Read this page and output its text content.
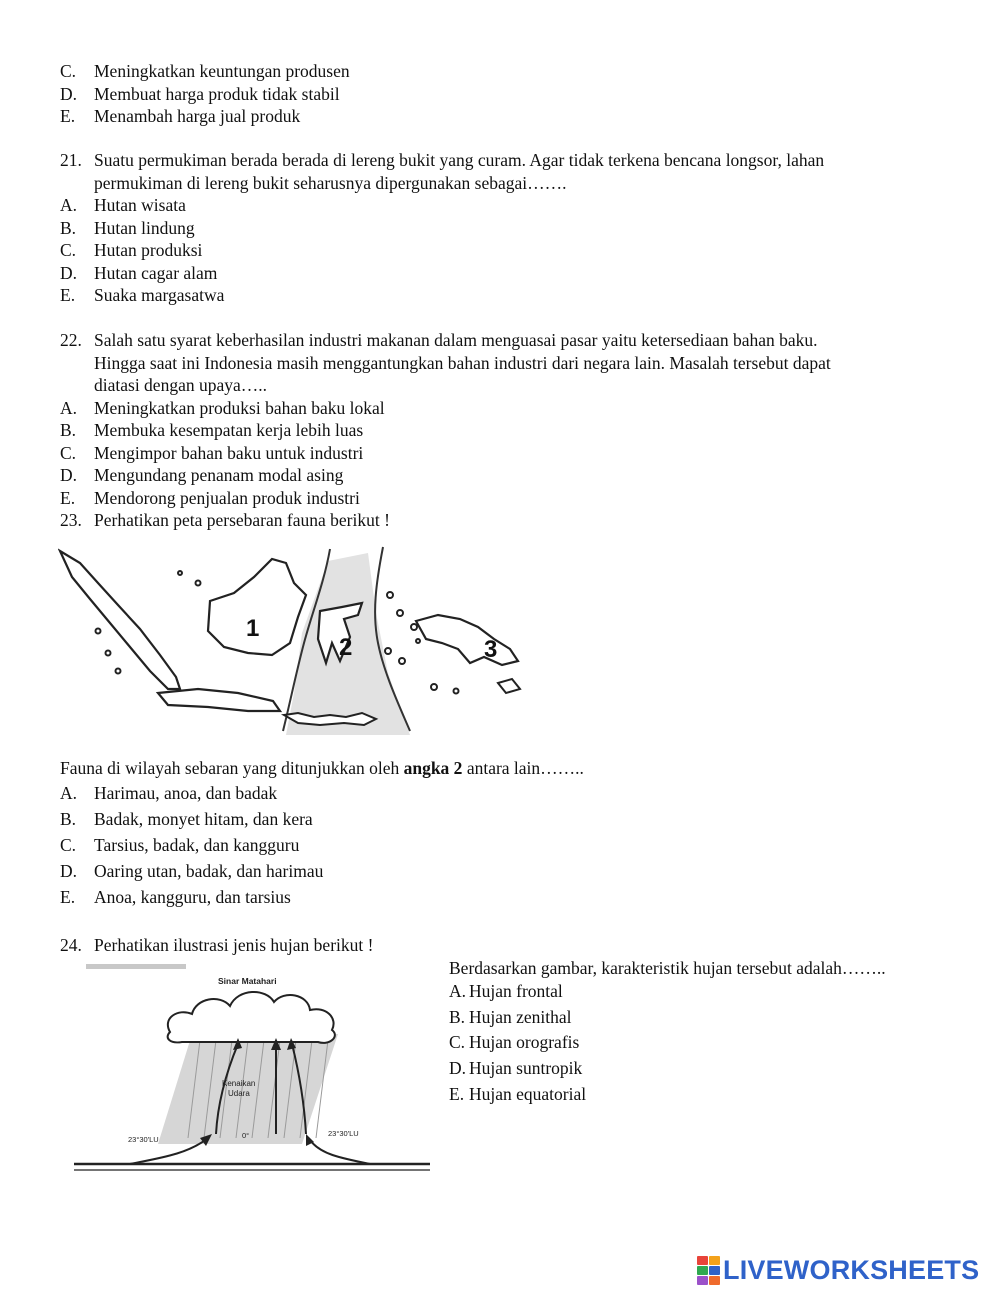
C.	Meningkatkan keuntungan produsen
D. Membuat harga produk tidak stabil
E.	Menambah harga jual produk
21. Suatu permukiman berada berada di lereng bukit yang curam. Agar tidak terkena bencana longsor, lahan
permukiman di lereng bukit seharusnya dipergunakan sebagai…….
A. Hutan wisata
B.	Hutan lindung
C.	Hutan produksi
D. Hutan cagar alam
E.	Suaka margasatwa
22. Salah satu syarat keberhasilan industri makanan dalam menguasai pasar yaitu ketersediaan bahan baku.
Hingga saat ini Indonesia masih menggantungkan bahan industri dari negara lain. Masalah tersebut dapat
diatasi dengan upaya…..
A. Meningkatkan produksi bahan baku lokal
B.	Membuka kesempatan kerja lebih luas
C.	Mengimpor bahan baku untuk industri
D. Mengundang penanam modal asing
E.	Mendorong penjualan produk industri
23. Perhatikan peta persebaran fauna berikut !
1
2	3
Fauna di wilayah sebaran yang ditunjukkan oleh angka 2 antara lain……..
A. Harimau, anoa, dan badak
B.	Badak, monyet hitam, dan kera
C.	Tarsius, badak, dan kangguru
D. Oaring utan, badak, dan harimau
E.	Anoa, kangguru, dan tarsius
24. Perhatikan ilustrasi jenis hujan berikut !
Sinar Matahari
Kenaikan
Udara
23°30'LU	0°	23°30'LU
Berdasarkan gambar, karakteristik hujan tersebut adalah……..
A. Hujan frontal
B. Hujan zenithal
C. Hujan orografis
D. Hujan suntropik
E. Hujan equatorial
LIVEWORKSHEETS
